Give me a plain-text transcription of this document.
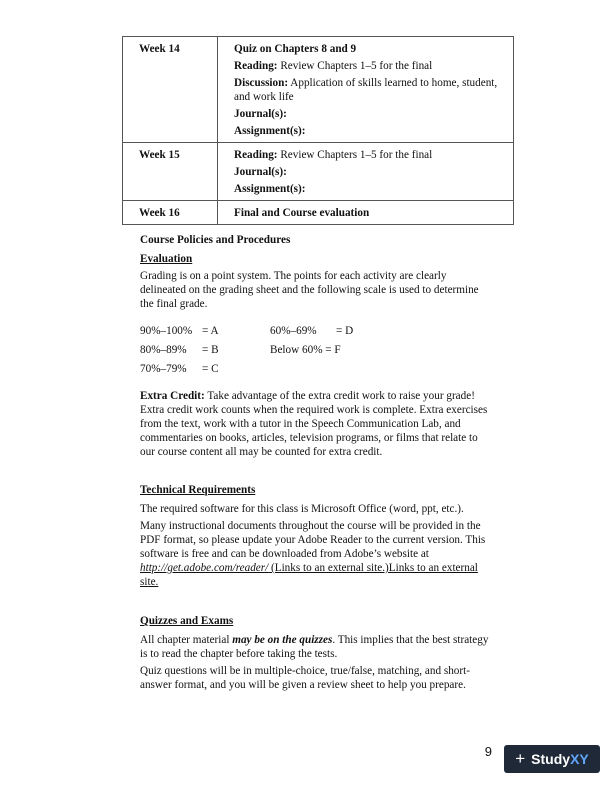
Week 14	Quiz on Chapters 8 and 9

Reading: Review Chapters 1–5 for the final

Discussion: Application of skills learned to home, student, and work life

Journal(s):

Assignment(s):

Week 15	Reading: Review Chapters 1–5 for the final

Journal(s):

Assignment(s):

Week 16	Final and Course evaluation

Course Policies and Procedures

Evaluation

Grading is on a point system. The points for each activity are clearly delineated on the grading sheet and the following scale is used to determine the final grade.

90%–100%	= A	60%–69%	= D
80%–89%	= B	Below 60% = F	
70%–79%	= C		

Extra Credit: Take advantage of the extra credit work to raise your grade! Extra credit work counts when the required work is complete. Extra exercises from the text, work with a tutor in the Speech Communication Lab, and commentaries on books, articles, television programs, or films that relate to our course content all may be counted for extra credit.

Technical Requirements

The required software for this class is Microsoft Office (word, ppt, etc.).

Many instructional documents throughout the course will be provided in the PDF format, so please update your Adobe Reader to the current version. This software is free and can be downloaded from Adobe’s website at http://get.adobe.com/reader/ (Links to an external site.)Links to an external site.

Quizzes and Exams

All chapter material may be on the quizzes. This implies that the best strategy is to read the chapter before taking the tests.

Quiz questions will be in multiple-choice, true/false, matching, and short-answer format, and you will be given a review sheet to help you prepare.

9 + StudyXY
